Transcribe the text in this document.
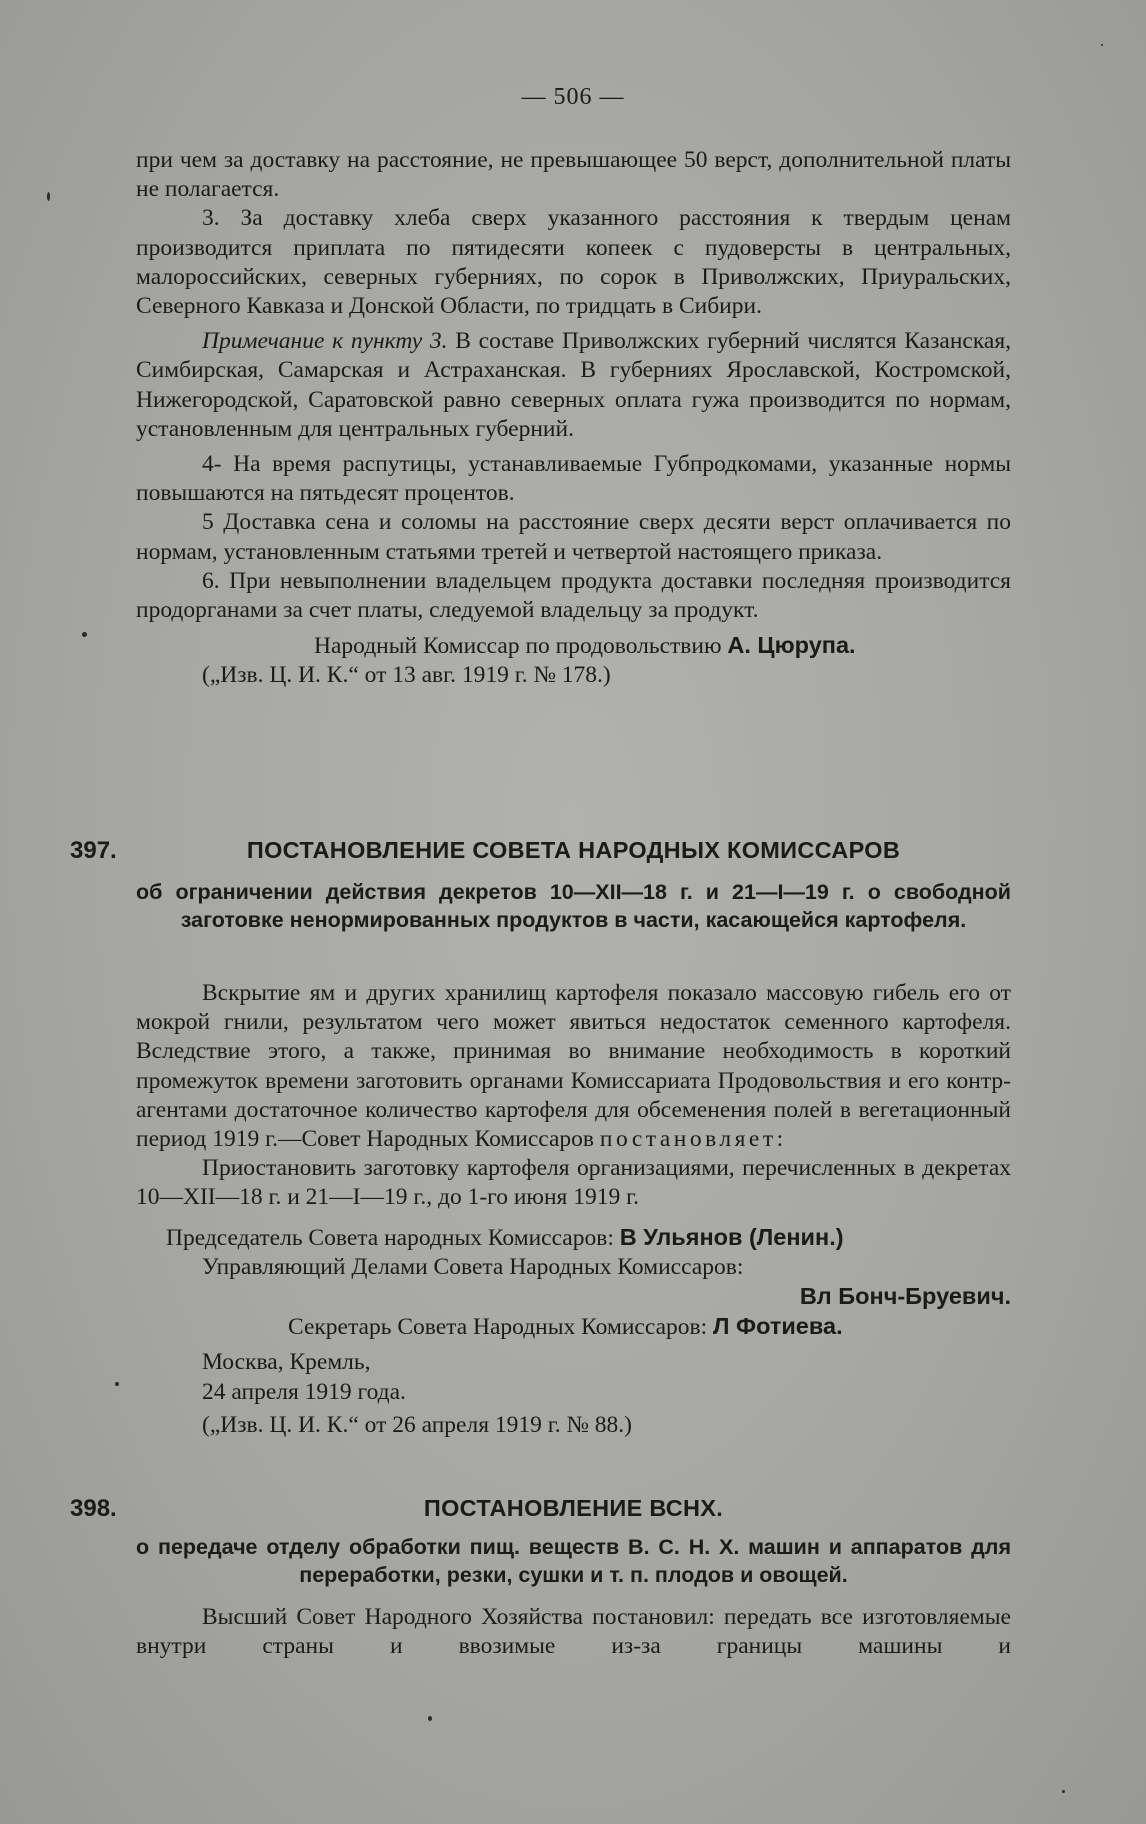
— 506 —

при чем за доставку на расстояние, не превышающее 50 верст, дополнительной платы не полагается.

3. За доставку хлеба сверх указанного расстояния к твердым ценам производится приплата по пятидесяти копеек с пудоверсты в центральных, малороссийских, северных губерниях, по сорок в Приволжских, Приуральских, Северного Кавказа и Донской Области, по тридцать в Сибири.

Примечание к пункту 3. В составе Приволжских губерний числятся Казанская, Симбирская, Самарская и Астраханская. В губерниях Ярославской, Костромской, Нижегородской, Саратовской равно северных оплата гужа производится по нормам, установленным для центральных губерний.

4- На время распутицы, устанавливаемые Губпродкомами, указанные нормы повышаются на пятьдесят процентов.

5 Доставка сена и соломы на расстояние сверх десяти верст оплачивается по нормам, установленным статьями третей и четвертой настоящего приказа.

6. При невыполнении владельцем продукта доставки последняя производится продорганами за счет платы, следуемой владельцу за продукт.

Народный Комиссар по продовольствию А. Цюрупа.

(„Изв. Ц. И. К.“ от 13 авг. 1919 г. № 178.)

397.	ПОСТАНОВЛЕНИЕ СОВЕТА НАРОДНЫХ КОМИССАРОВ
об ограничении действия декретов 10—XII—18 г. и 21—I—19 г. о свободной заготовке ненормированных продуктов в части, касающейся картофеля.

Вскрытие ям и других хранилищ картофеля показало массовую гибель его от мокрой гнили, результатом чего может явиться недостаток семенного картофеля. Вследствие этого, а также, принимая во внимание необходимость в короткий промежуток времени заготовить органами Комиссариата Продовольствия и его контр-агентами достаточное количество картофеля для обсеменения полей в вегетационный период 1919 г.—Совет Народных Комиссаров постановляет:

Приостановить заготовку картофеля организациями, перечисленных в декретах 10—XII—18 г. и 21—I—19 г., до 1-го июня 1919 г.

Председатель Совета народных Комиссаров: В Ульянов (Ленин.)

Управляющий Делами Совета Народных Комиссаров:

Вл Бонч-Бруевич.

Секретарь Совета Народных Комиссаров: Л Фотиева.

Москва, Кремль,

24 апреля 1919 года.

(„Изв. Ц. И. К.“ от 26 апреля 1919 г. № 88.)

398.	ПОСТАНОВЛЕНИЕ ВСНХ.
о передаче отделу обработки пищ. веществ В. С. Н. Х. машин и аппаратов для переработки, резки, сушки и т. п. плодов и овощей.

Высший Совет Народного Хозяйства постановил: передать все изготовляемые внутри страны и ввозимые из-за границы машины и
